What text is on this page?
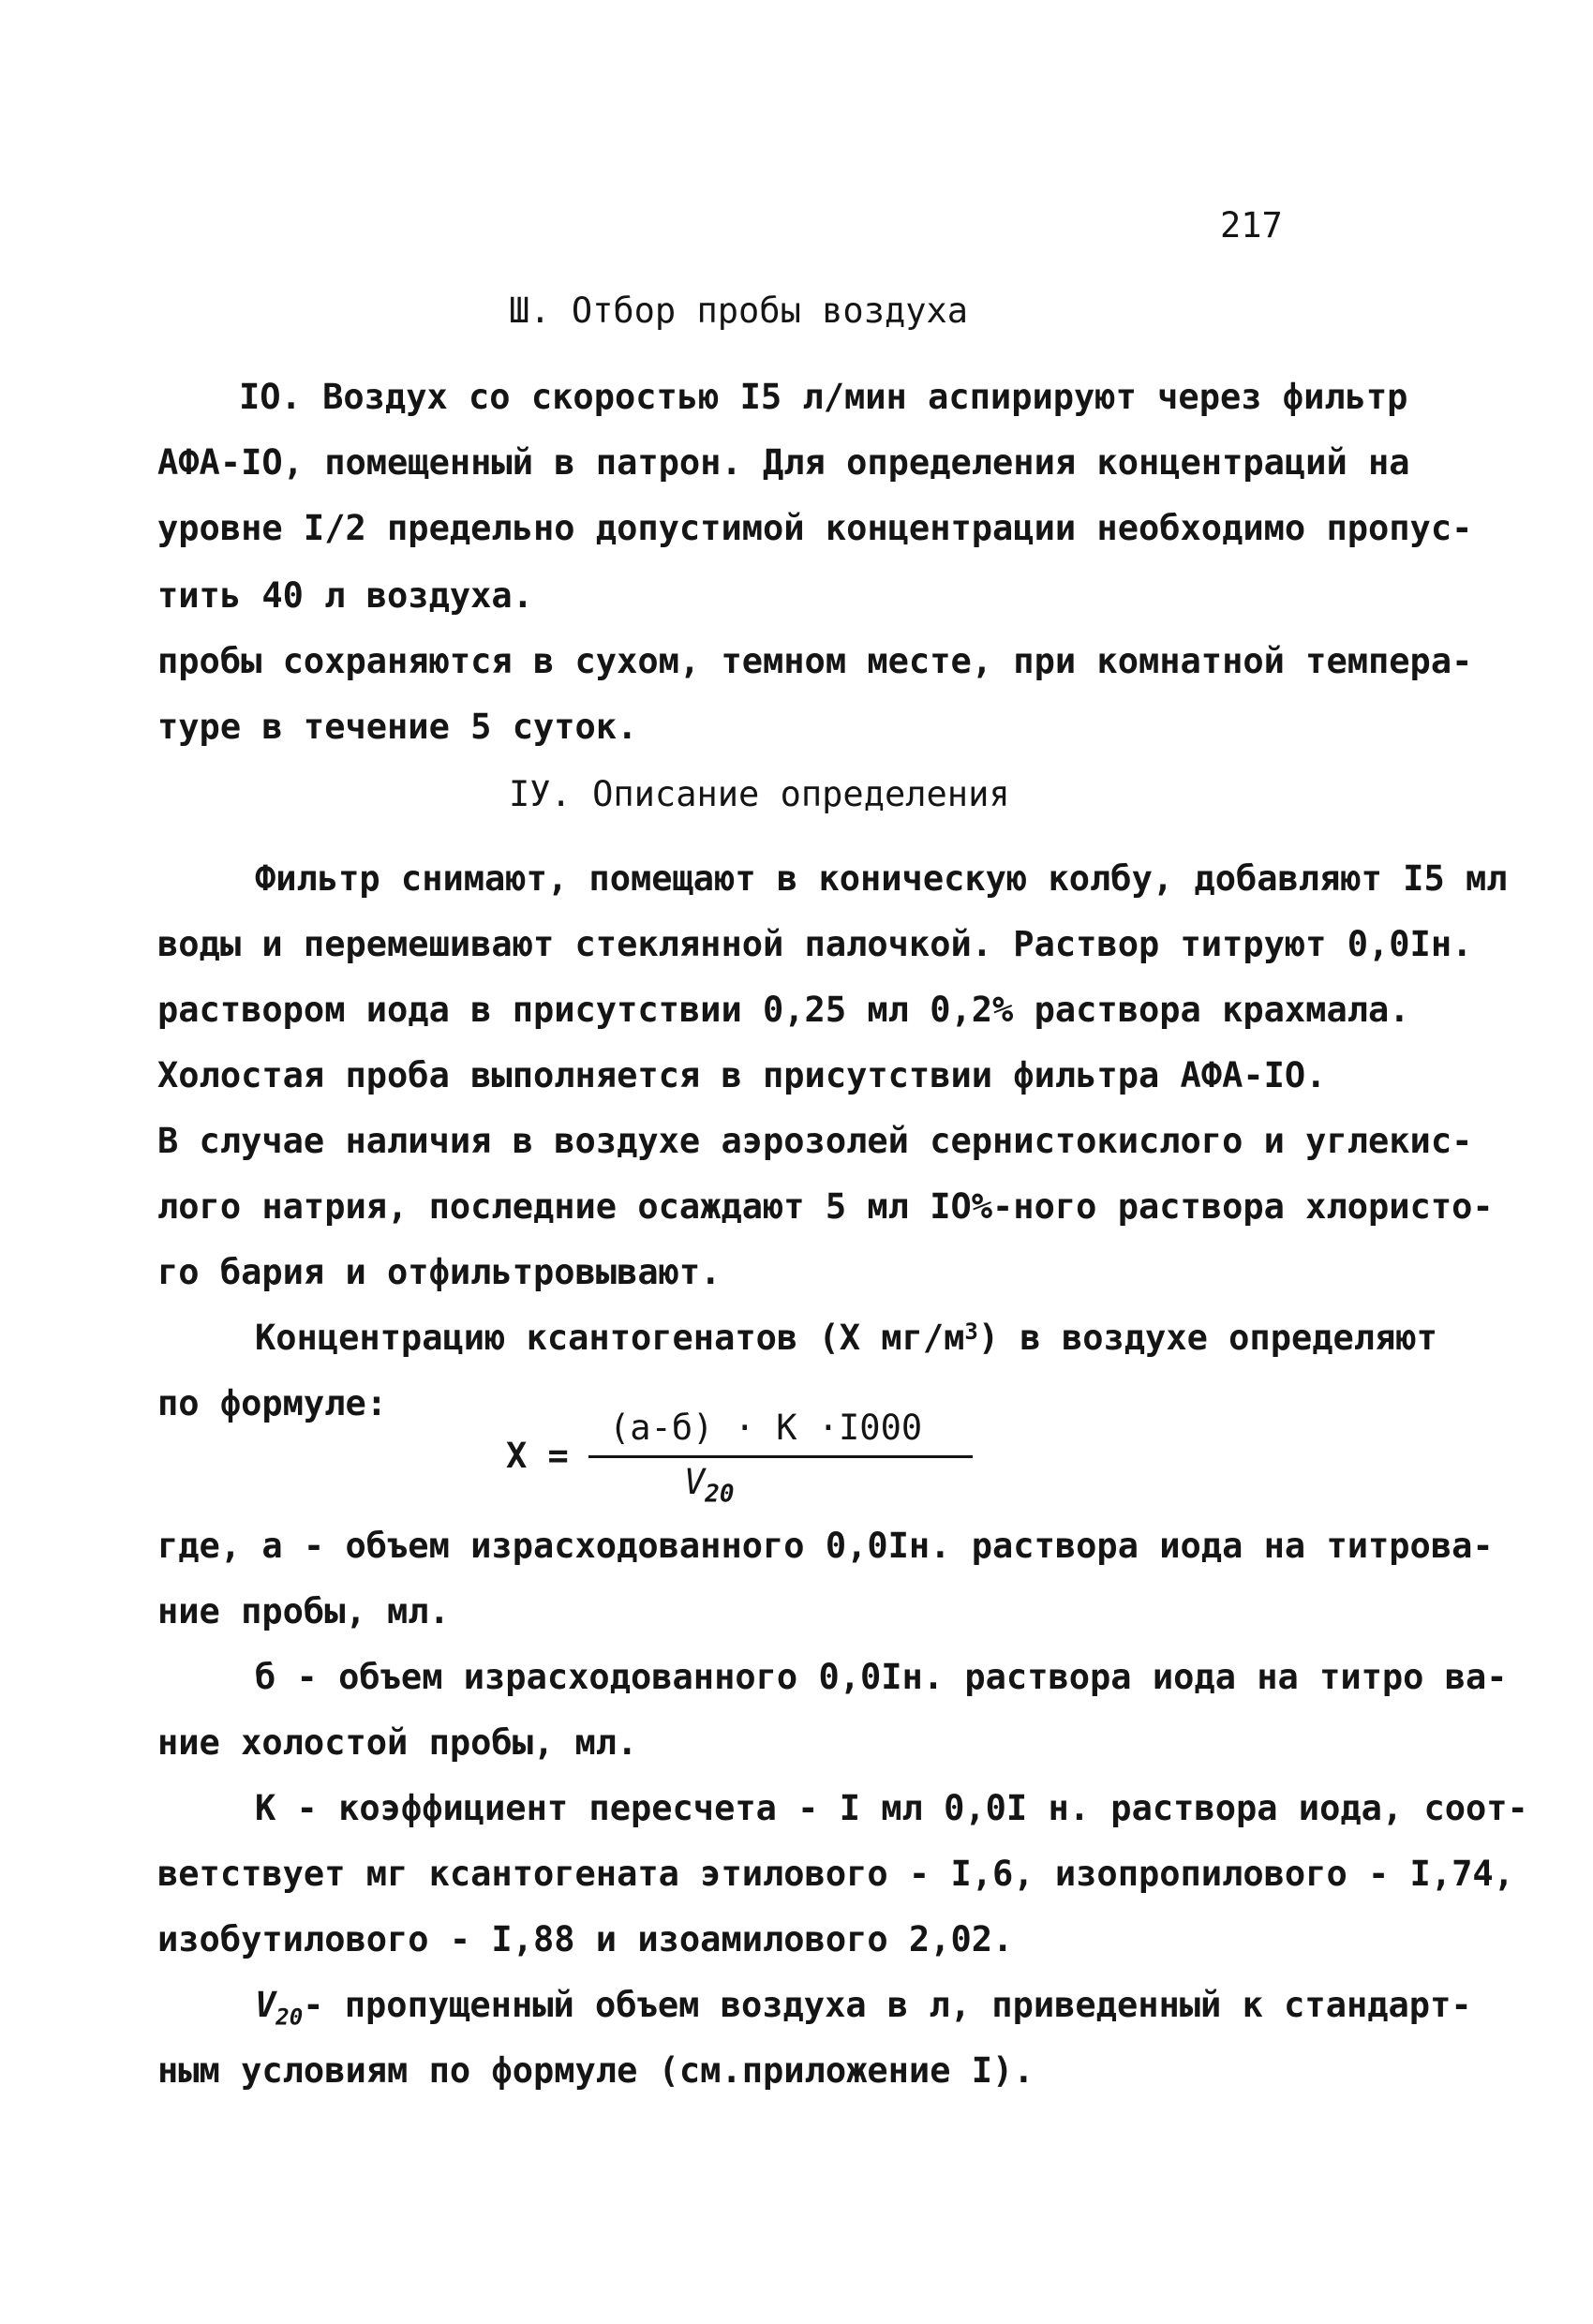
217
Ш. Отбор пробы воздуха
IO. Воздух со скоростью I5 л/мин аспирируют через фильтр
АФА-IO, помещенный в патрон. Для определения концентраций на
уровне I/2 предельно допустимой концентрации необходимо пропус-
тить 40 л воздуха.
пробы сохраняются в сухом, темном месте, при комнатной темпера-
туре в течение 5 суток.
IУ. Описание определения
Фильтр снимают, помещают в коническую колбу, добавляют I5 мл
воды и перемешивают стеклянной палочкой. Раствор титруют 0,0Iн.
раствором иода в присутствии 0,25 мл 0,2% раствора крахмала.
Холостая проба выполняется в присутствии фильтра АФА-IO.
В случае наличия в воздухе аэрозолей сернистокислого и углекис-
лого натрия, последние осаждают 5 мл IO%-ного раствора хлористо-
го бария и отфильтровывают.
Концентрацию ксантогенатов (X $мг/м^3$) в воздухе определяют
по формуле:
X =
(а-б) · К ·I000
$V_{20}$
где, а - объем израсходованного 0,0Iн. раствора иода на титрова-
ние пробы, мл.
б - объем израсходованного 0,0Iн. раствора иода на титро ва-
ние холостой пробы, мл.
К - коэффициент пересчета - I мл 0,0I н. раствора иода, соот-
ветствует мг ксантогената этилового - I,6, изопропилового - I,74,
изобутилового - I,88 и изоамилового 2,02.
$V_{20}-$ пропущенный объем воздуха в л, приведенный к стандарт-
ным условиям по формуле (см.приложение I).
